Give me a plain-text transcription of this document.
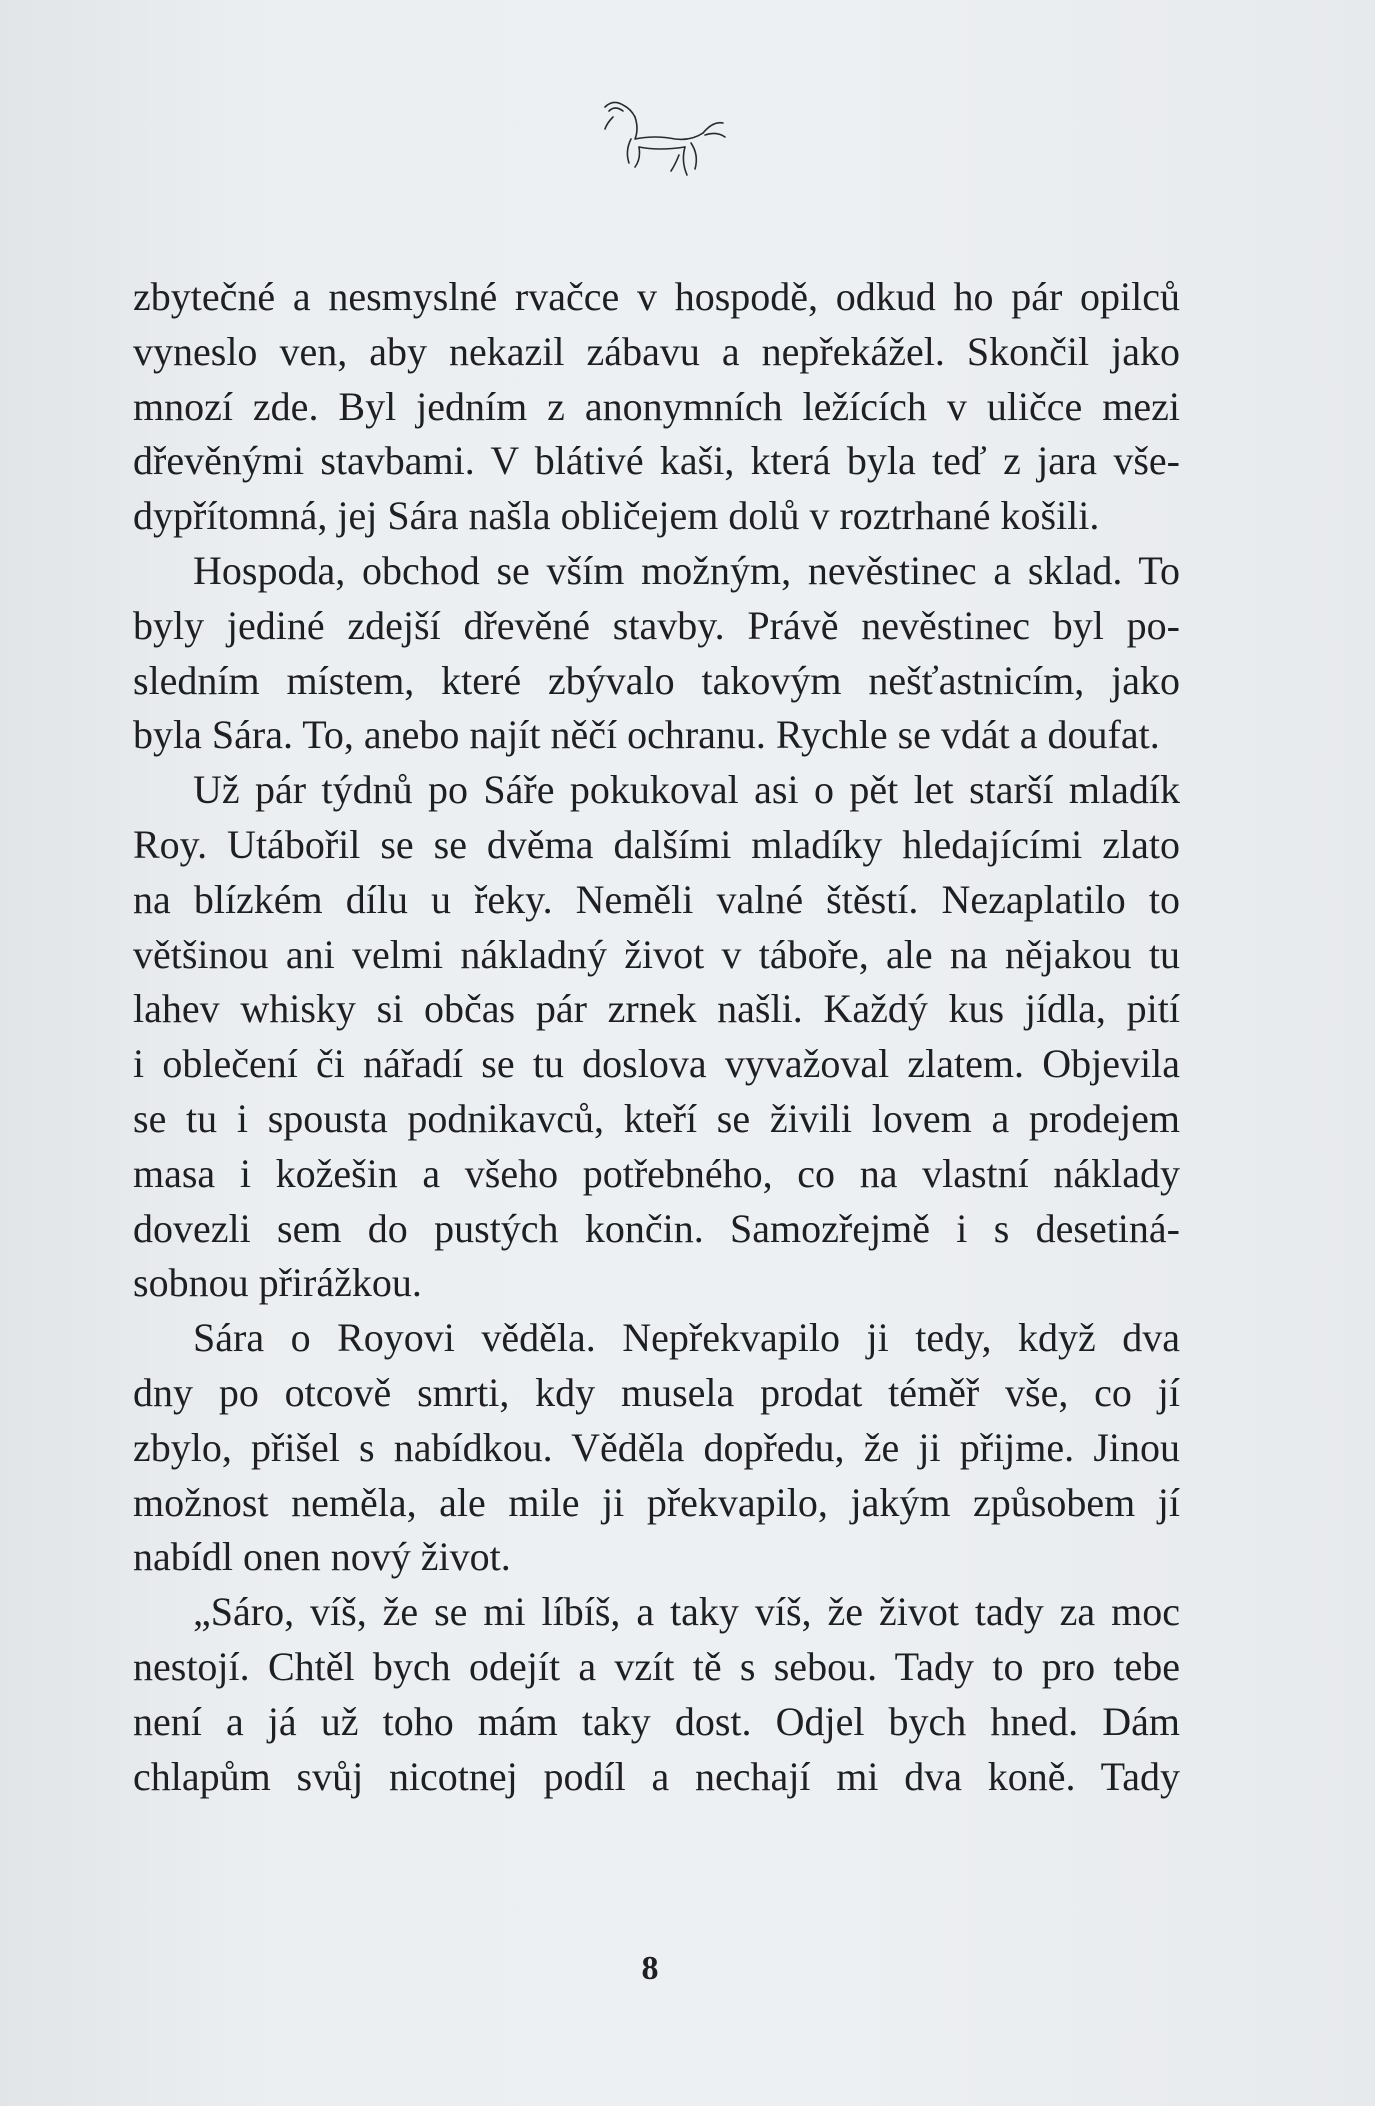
zbytečné a nesmyslné rvačce v hospodě, odkud ho pár opilců
vyneslo ven, aby nekazil zábavu a nepřekážel. Skončil jako
mnozí zde. Byl jedním z anonymních ležících v uličce mezi
dřevěnými stavbami. V blátivé kaši, která byla teď z jara vše-
dypřítomná, jej Sára našla obličejem dolů v roztrhané košili.
Hospoda, obchod se vším možným, nevěstinec a sklad. To
byly jediné zdejší dřevěné stavby. Právě nevěstinec byl po-
sledním místem, které zbývalo takovým nešťastnicím, jako
byla Sára. To, anebo najít něčí ochranu. Rychle se vdát a doufat.
Už pár týdnů po Sáře pokukoval asi o pět let starší mladík
Roy. Utábořil se se dvěma dalšími mladíky hledajícími zlato
na blízkém dílu u řeky. Neměli valné štěstí. Nezaplatilo to
většinou ani velmi nákladný život v táboře, ale na nějakou tu
lahev whisky si občas pár zrnek našli. Každý kus jídla, pití
i oblečení či nářadí se tu doslova vyvažoval zlatem. Objevila
se tu i spousta podnikavců, kteří se živili lovem a prodejem
masa i kožešin a všeho potřebného, co na vlastní náklady
dovezli sem do pustých končin. Samozřejmě i s desetiná-
sobnou přirážkou.
Sára o Royovi věděla. Nepřekvapilo ji tedy, když dva
dny po otcově smrti, kdy musela prodat téměř vše, co jí
zbylo, přišel s nabídkou. Věděla dopředu, že ji přijme. Jinou
možnost neměla, ale mile ji překvapilo, jakým způsobem jí
nabídl onen nový život.
„Sáro, víš, že se mi líbíš, a taky víš, že život tady za moc
nestojí. Chtěl bych odejít a vzít tě s sebou. Tady to pro tebe
není a já už toho mám taky dost. Odjel bych hned. Dám
chlapům svůj nicotnej podíl a nechají mi dva koně. Tady
8
